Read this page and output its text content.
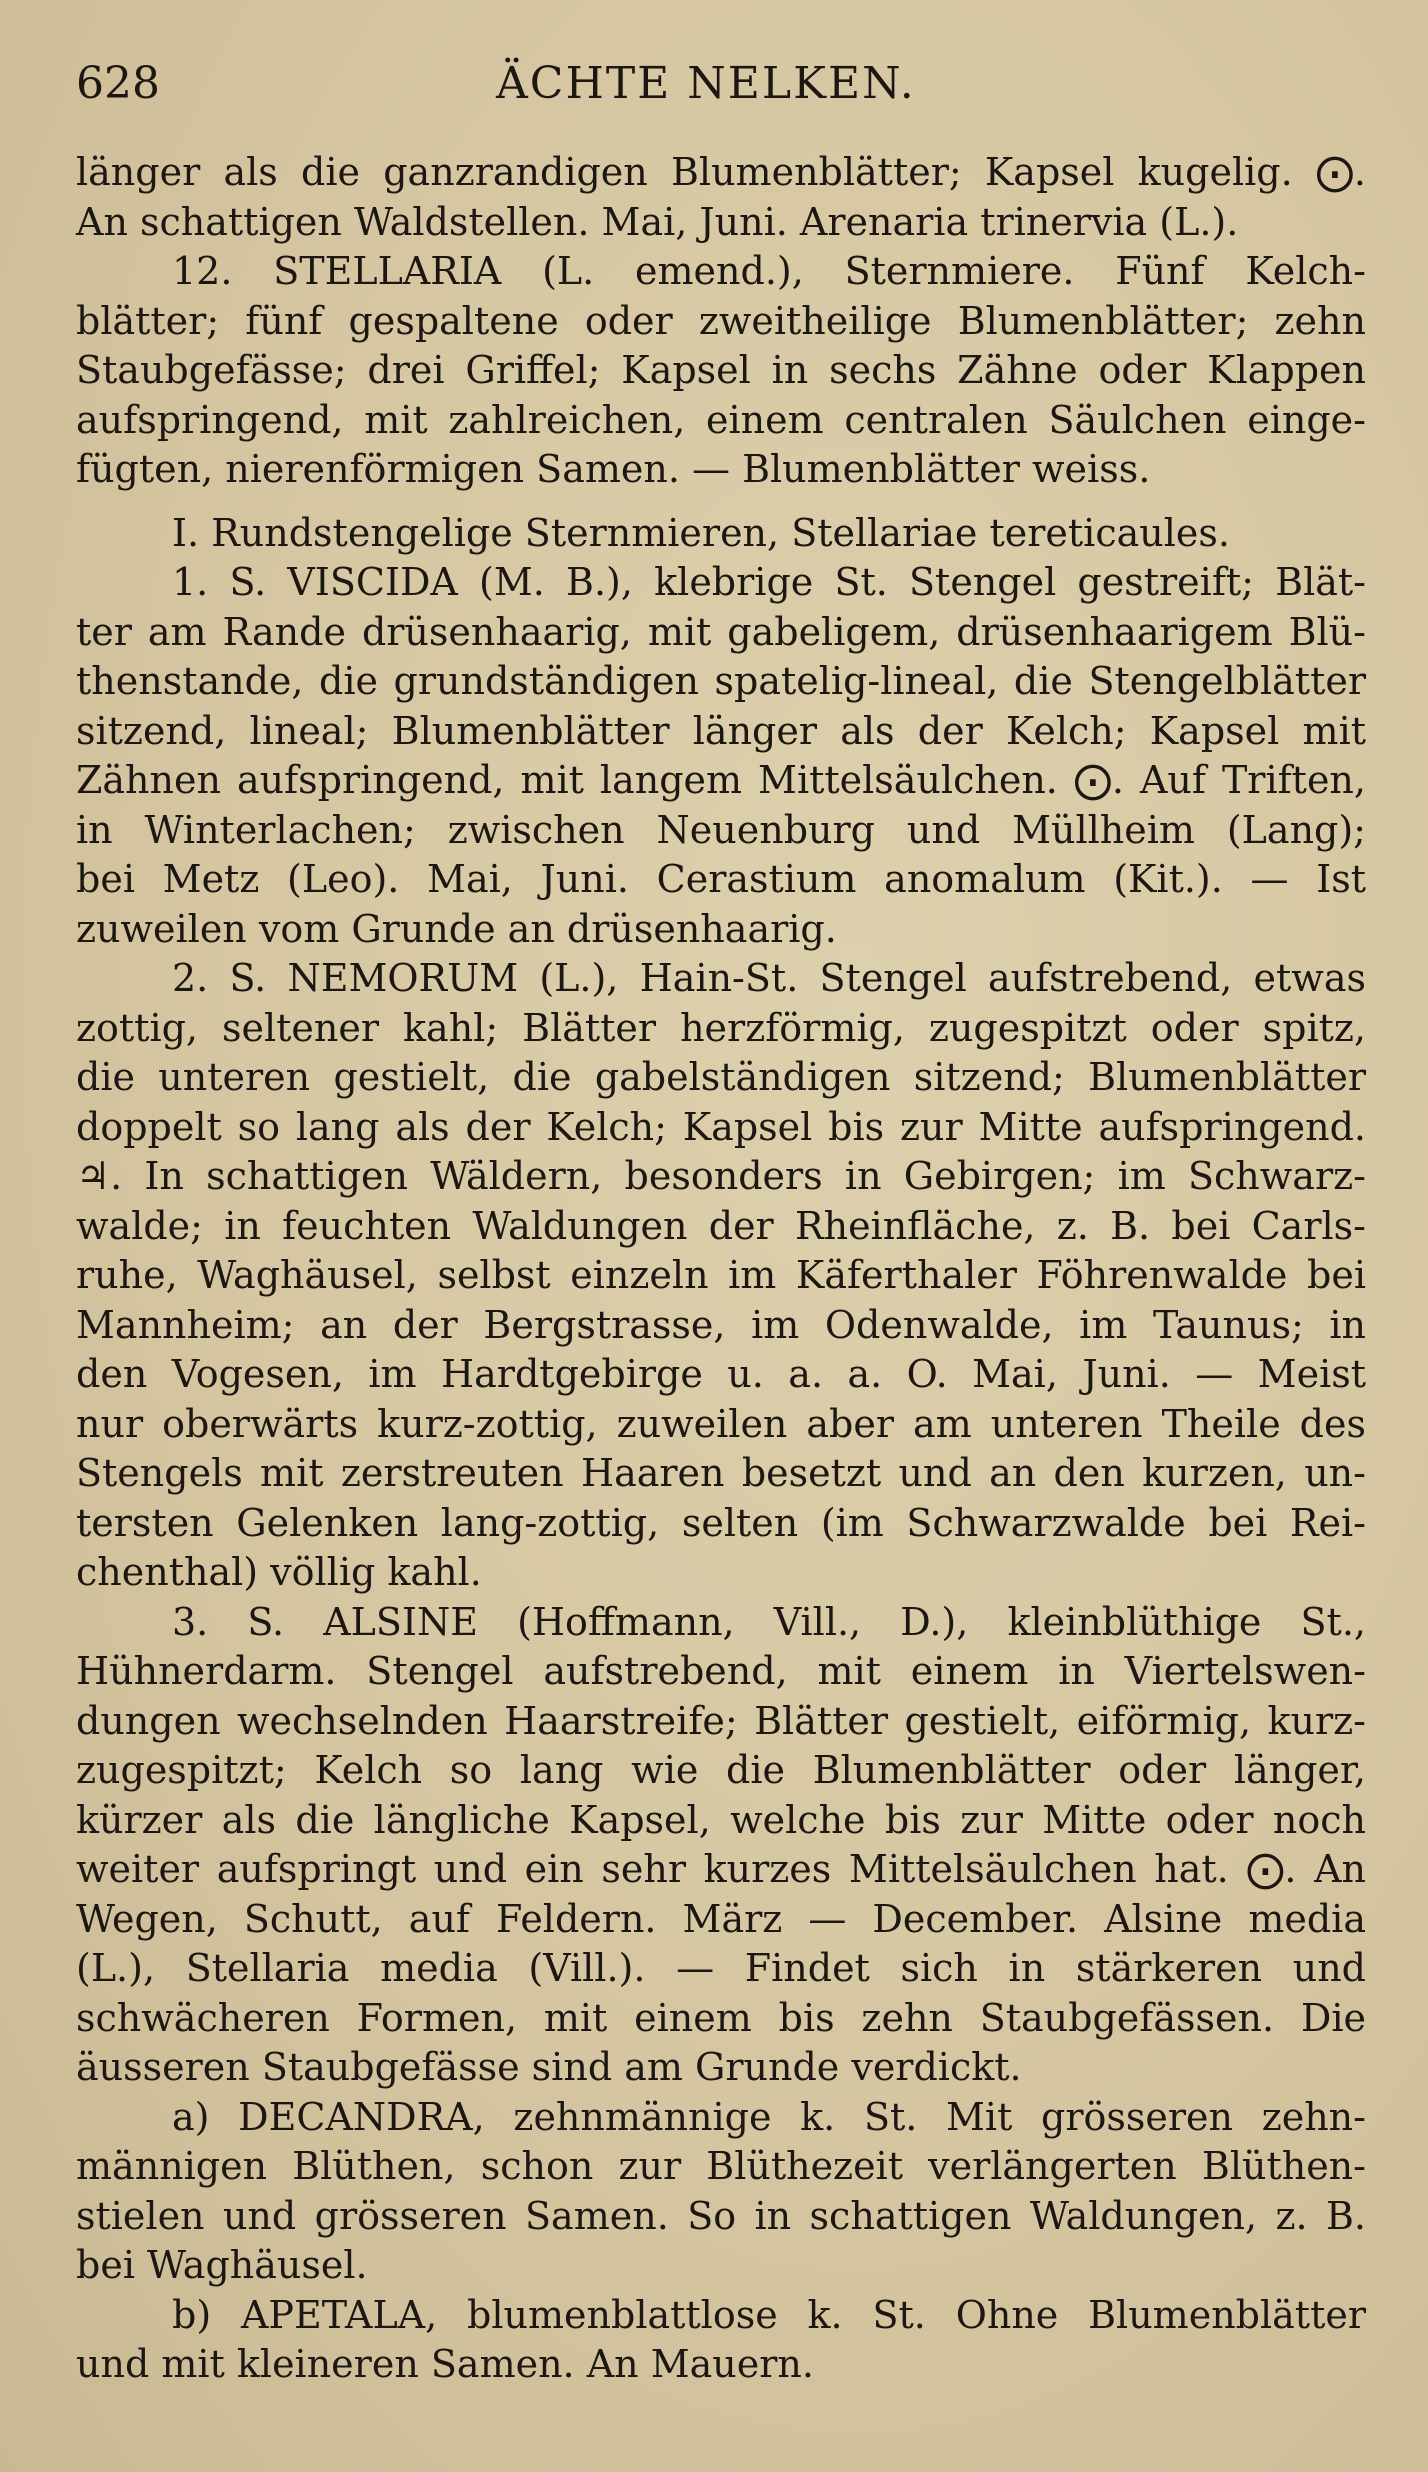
628	ÄCHTE NELKEN.
länger als die ganzrandigen Blumenblätter; Kapsel kugelig. ⨀.
An schattigen Waldstellen. Mai, Juni. Arenaria trinervia (L.).
12. STELLARIA (L. emend.), Sternmiere. Fünf Kelch-
blätter; fünf gespaltene oder zweitheilige Blumenblätter; zehn
Staubgefässe; drei Griffel; Kapsel in sechs Zähne oder Klappen
aufspringend, mit zahlreichen, einem centralen Säulchen einge-
fügten, nierenförmigen Samen. — Blumenblätter weiss.
I. Rundstengelige Sternmieren, Stellariae tereticaules.
1. S. VISCIDA (M. B.), klebrige St. Stengel gestreift; Blät-
ter am Rande drüsenhaarig, mit gabeligem, drüsenhaarigem Blü-
thenstande, die grundständigen spatelig-lineal, die Stengelblätter
sitzend, lineal; Blumenblätter länger als der Kelch; Kapsel mit
Zähnen aufspringend, mit langem Mittelsäulchen. ⨀. Auf Triften,
in Winterlachen; zwischen Neuenburg und Müllheim (Lang);
bei Metz (Leo). Mai, Juni. Cerastium anomalum (Kit.). — Ist
zuweilen vom Grunde an drüsenhaarig.
2. S. NEMORUM (L.), Hain-St. Stengel aufstrebend, etwas
zottig, seltener kahl; Blätter herzförmig, zugespitzt oder spitz,
die unteren gestielt, die gabelständigen sitzend; Blumenblätter
doppelt so lang als der Kelch; Kapsel bis zur Mitte aufspringend.
♃. In schattigen Wäldern, besonders in Gebirgen; im Schwarz-
walde; in feuchten Waldungen der Rheinfläche, z. B. bei Carls-
ruhe, Waghäusel, selbst einzeln im Käferthaler Föhrenwalde bei
Mannheim; an der Bergstrasse, im Odenwalde, im Taunus; in
den Vogesen, im Hardtgebirge u. a. a. O. Mai, Juni. — Meist
nur oberwärts kurz-zottig, zuweilen aber am unteren Theile des
Stengels mit zerstreuten Haaren besetzt und an den kurzen, un-
tersten Gelenken lang-zottig, selten (im Schwarzwalde bei Rei-
chenthal) völlig kahl.
3. S. ALSINE (Hoffmann, Vill., D.), kleinblüthige St.,
Hühnerdarm. Stengel aufstrebend, mit einem in Viertelswen-
dungen wechselnden Haarstreife; Blätter gestielt, eiförmig, kurz-
zugespitzt; Kelch so lang wie die Blumenblätter oder länger,
kürzer als die längliche Kapsel, welche bis zur Mitte oder noch
weiter aufspringt und ein sehr kurzes Mittelsäulchen hat. ⨀. An
Wegen, Schutt, auf Feldern. März — December. Alsine media
(L.), Stellaria media (Vill.). — Findet sich in stärkeren und
schwächeren Formen, mit einem bis zehn Staubgefässen. Die
äusseren Staubgefässe sind am Grunde verdickt.
a) DECANDRA, zehnmännige k. St. Mit grösseren zehn-
männigen Blüthen, schon zur Blüthezeit verlängerten Blüthen-
stielen und grösseren Samen. So in schattigen Waldungen, z. B.
bei Waghäusel.
b) APETALA, blumenblattlose k. St. Ohne Blumenblätter
und mit kleineren Samen. An Mauern.
